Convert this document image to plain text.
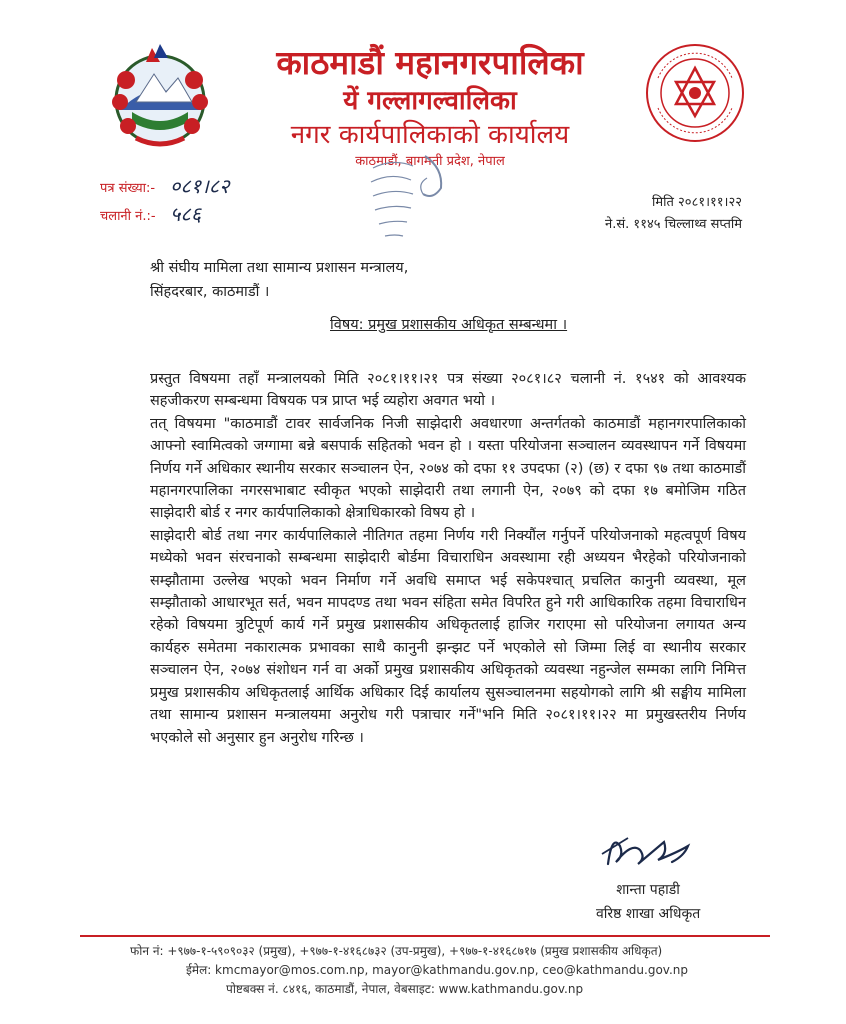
काठमाडौं महानगरपालिका
यें गल्लागल्वालिका
नगर कार्यपालिकाको कार्यालय
काठमाडौं, बागमती प्रदेश, नेपाल
पत्र संख्या:- ०८१।८२
चलानी नं.:- ५८६	मिति २०८१।११।२२
ने.सं. ११४५ चिल्लाथ्व सप्तमि
श्री संघीय मामिला तथा सामान्य प्रशासन मन्त्रालय,
सिंहदरबार, काठमाडौं ।
विषय: प्रमुख प्रशासकीय अधिकृत सम्बन्धमा ।

प्रस्तुत विषयमा तहाँ मन्त्रालयको मिति २०८१।११।२१ पत्र संख्या २०८१।८२ चलानी नं. १५४१ को आवश्यक सहजीकरण सम्बन्धमा विषयक पत्र प्राप्त भई व्यहोरा अवगत भयो ।

तत् विषयमा "काठमाडौं टावर सार्वजनिक निजी साझेदारी अवधारणा अन्तर्गतको काठमाडौं महानगरपालिकाको आफ्नो स्वामित्वको जग्गामा बन्ने बसपार्क सहितको भवन हो । यस्ता परियोजना सञ्चालन व्यवस्थापन गर्ने विषयमा निर्णय गर्ने अधिकार स्थानीय सरकार सञ्चालन ऐन, २०७४ को दफा ११ उपदफा (२) (छ) र दफा ९७ तथा काठमाडौं महानगरपालिका नगरसभाबाट स्वीकृत भएको साझेदारी तथा लगानी ऐन, २०७९ को दफा १७ बमोजिम गठित साझेदारी बोर्ड र नगर कार्यपालिकाको क्षेत्राधिकारको विषय हो ।

साझेदारी बोर्ड तथा नगर कार्यपालिकाले नीतिगत तहमा निर्णय गरी निक्यौंल गर्नुपर्ने परियोजनाको महत्वपूर्ण विषय मध्येको भवन संरचनाको सम्बन्धमा साझेदारी बोर्डमा विचाराधिन अवस्थामा रही अध्ययन भैरहेको परियोजनाको सम्झौतामा उल्लेख भएको भवन निर्माण गर्ने अवधि समाप्त भई सकेपश्चात् प्रचलित कानुनी व्यवस्था, मूल सम्झौताको आधारभूत सर्त, भवन मापदण्ड तथा भवन संहिता समेत विपरित हुने गरी आधिकारिक तहमा विचाराधिन रहेको विषयमा त्रुटिपूर्ण कार्य गर्ने प्रमुख प्रशासकीय अधिकृतलाई हाजिर गराएमा सो परियोजना लगायत अन्य कार्यहरु समेतमा नकारात्मक प्रभावका साथै कानुनी झन्झट पर्ने भएकोले सो जिम्मा लिई वा स्थानीय सरकार सञ्चालन ऐन, २०७४ संशोधन गर्न वा अर्को प्रमुख प्रशासकीय अधिकृतको व्यवस्था नहुन्जेल सम्मका लागि निमित्त प्रमुख प्रशासकीय अधिकृतलाई आर्थिक अधिकार दिई कार्यालय सुसञ्चालनमा सहयोगको लागि श्री सङ्घीय मामिला तथा सामान्य प्रशासन मन्त्रालयमा अनुरोध गरी पत्राचार गर्ने"भनि मिति २०८१।११।२२ मा प्रमुखस्तरीय निर्णय भएकोले सो अनुसार हुन अनुरोध गरिन्छ ।

शान्ता पहाडी
वरिष्ठ शाखा अधिकृत
फोन नं: +९७७-१-५९०९०३२ (प्रमुख), +९७७-१-४१६८७३२ (उप-प्रमुख), +९७७-१-४१६८७१७ (प्रमुख प्रशासकीय अधिकृत)
ईमेल: kmcmayor@mos.com.np, mayor@kathmandu.gov.np, ceo@kathmandu.gov.np
पोष्टबक्स नं. ८४१६, काठमाडौं, नेपाल, वेबसाइट: www.kathmandu.gov.np
